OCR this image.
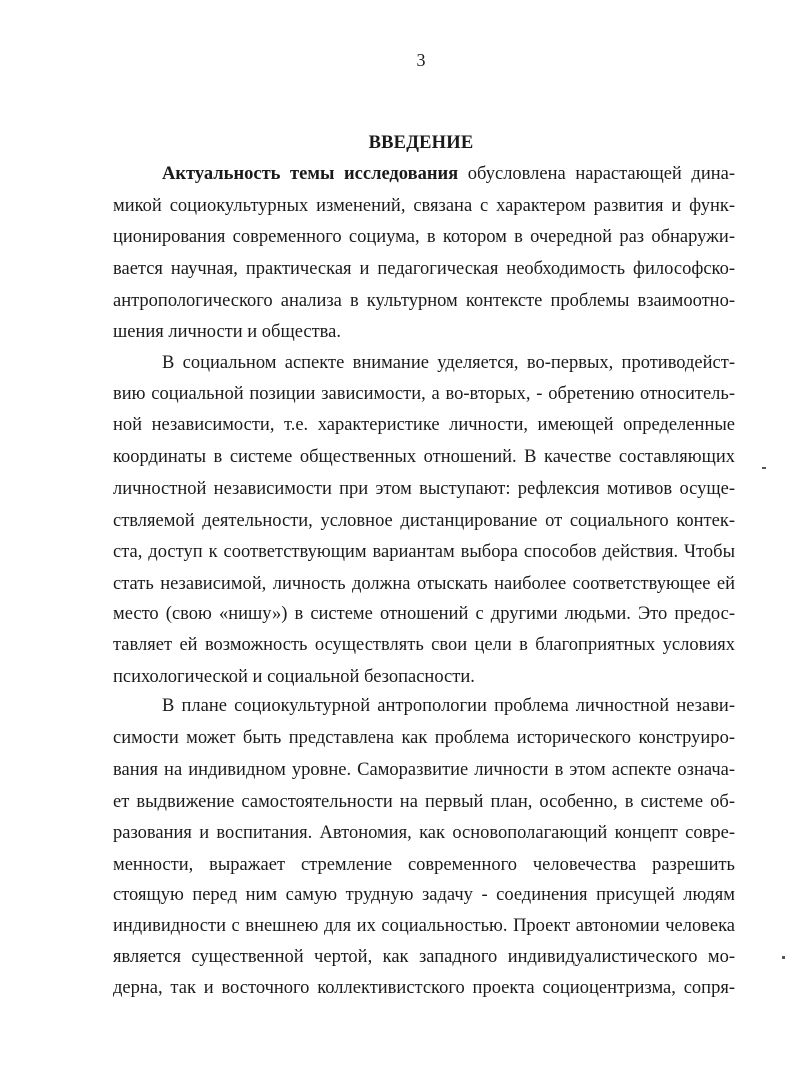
3
ВВЕДЕНИЕ
Актуальность темы исследования обусловлена нарастающей дина-
микой социокультурных изменений, связана с характером развития и функ-
ционирования современного социума, в котором в очередной раз обнаружи-
вается научная, практическая и педагогическая необходимость философско-
антропологического анализа в культурном контексте проблемы взаимоотно-
шения личности и общества.
В социальном аспекте внимание уделяется, во-первых, противодейст-
вию социальной позиции зависимости, а во-вторых, - обретению относитель-
ной независимости, т.е. характеристике личности, имеющей определенные
координаты в системе общественных отношений. В качестве составляющих
личностной независимости при этом выступают: рефлексия мотивов осуще-
ствляемой деятельности, условное дистанцирование от социального контек-
ста, доступ к соответствующим вариантам выбора способов действия. Чтобы
стать независимой, личность должна отыскать наиболее соответствующее ей
место (свою «нишу») в системе отношений с другими людьми. Это предос-
тавляет ей возможность осуществлять свои цели в благоприятных условиях
психологической и социальной безопасности.
В плане социокультурной антропологии проблема личностной незави-
симости может быть представлена как проблема исторического конструиро-
вания на индивидном уровне. Саморазвитие личности в этом аспекте означа-
ет выдвижение самостоятельности на первый план, особенно, в системе об-
разования и воспитания. Автономия, как основополагающий концепт совре-
менности, выражает стремление современного человечества разрешить
стоящую перед ним самую трудную задачу - соединения присущей людям
индивидности с внешнею для их социальностью. Проект автономии человека
является существенной чертой, как западного индивидуалистического мо-
дерна, так и восточного коллективистского проекта социоцентризма, сопря-
